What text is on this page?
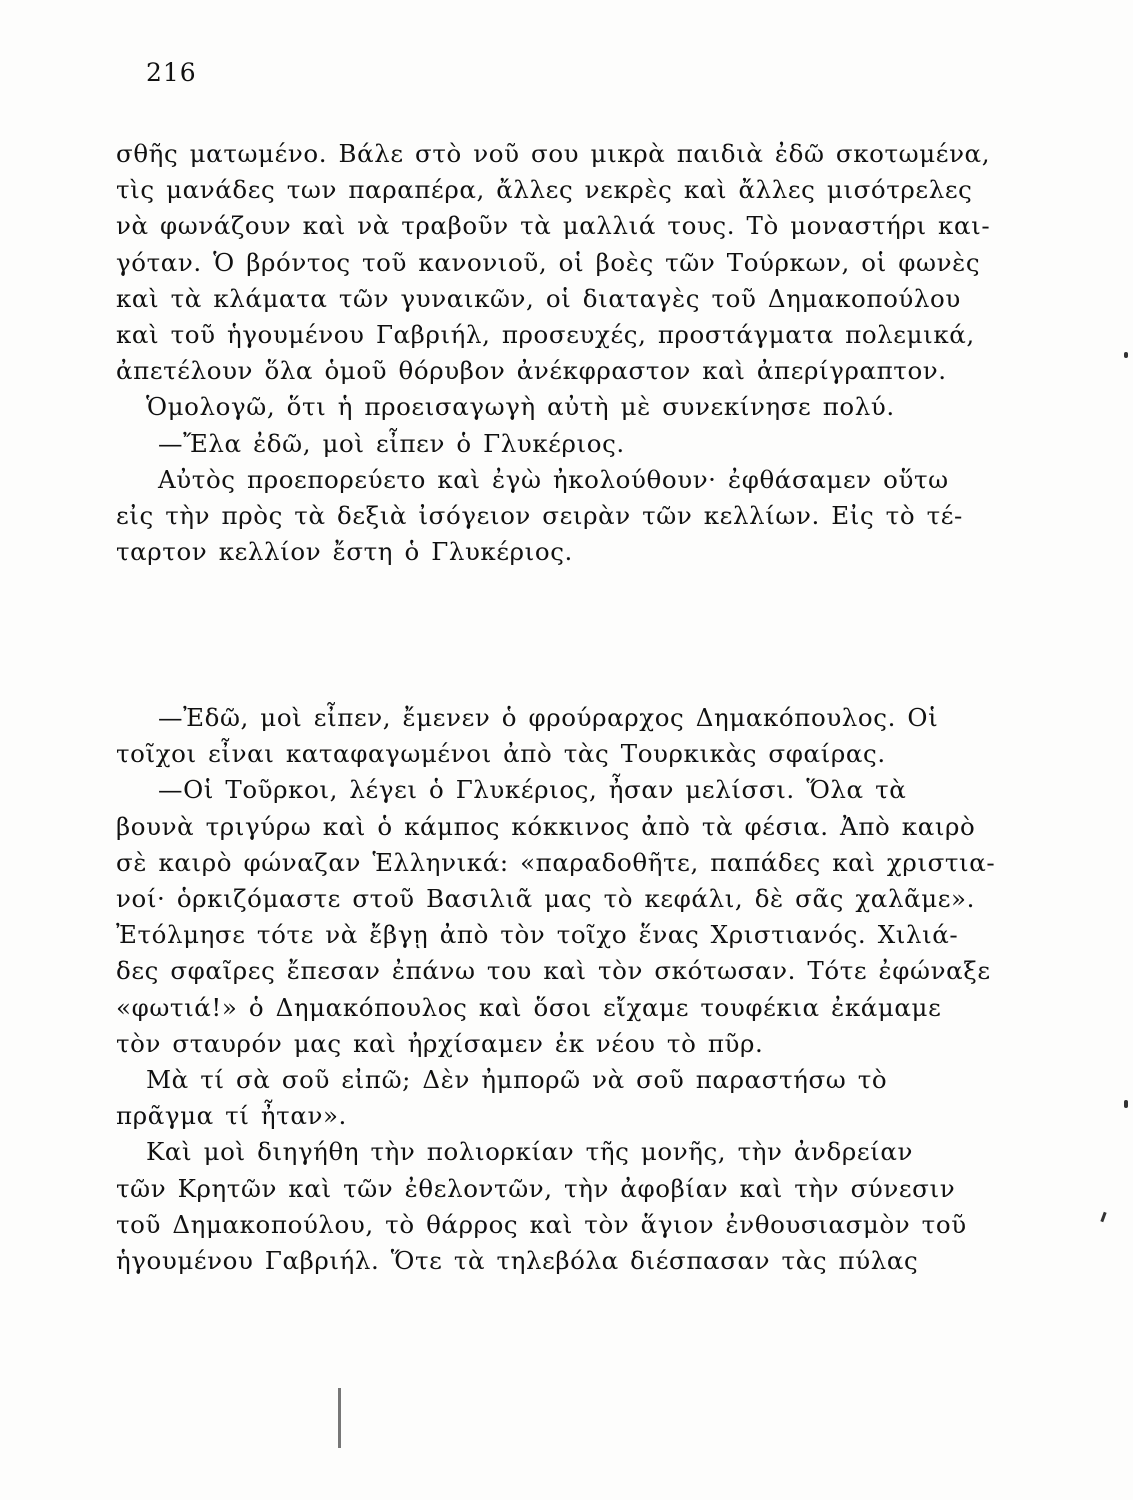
216
σθῆς ματωμένο. Βάλε στὸ νοῦ σου μικρὰ παιδιὰ ἐδῶ σκοτωμένα,
τὶς μανάδες των παραπέρα, ἄλλες νεκρὲς καὶ ἄλλες μισότρελες
νὰ φωνάζουν καὶ νὰ τραβοῦν τὰ μαλλιά τους. Τὸ μοναστήρι και-
γόταν. Ὁ βρόντος τοῦ κανονιοῦ, οἱ βοὲς τῶν Τούρκων, οἱ φωνὲς
καὶ τὰ κλάματα τῶν γυναικῶν, οἱ διαταγὲς τοῦ Δημακοπούλου
καὶ τοῦ ἡγουμένου Γαβριήλ, προσευχές, προστάγματα πολεμικά,
ἀπετέλουν ὅλα ὁμοῦ θόρυβον ἀνέκφραστον καὶ ἀπερίγραπτον.
Ὁμολογῶ, ὅτι ἡ προεισαγωγὴ αὐτὴ μὲ συνεκίνησε πολύ.
—Ἔλα ἐδῶ, μοὶ εἶπεν ὁ Γλυκέριος.
Αὐτὸς προεπορεύετο καὶ ἐγὼ ἠκολούθουν· ἐφθάσαμεν οὕτω
εἰς τὴν πρὸς τὰ δεξιὰ ἰσόγειον σειρὰν τῶν κελλίων. Εἰς τὸ τέ-
ταρτον κελλίον ἔστη ὁ Γλυκέριος.
—Ἐδῶ, μοὶ εἶπεν, ἔμενεν ὁ φρούραρχος Δημακόπουλος. Οἱ
τοῖχοι εἶναι καταφαγωμένοι ἀπὸ τὰς Τουρκικὰς σφαίρας.
—Οἱ Τοῦρκοι, λέγει ὁ Γλυκέριος, ἦσαν μελίσσι. Ὅλα τὰ
βουνὰ τριγύρω καὶ ὁ κάμπος κόκκινος ἀπὸ τὰ φέσια. Ἀπὸ καιρὸ
σὲ καιρὸ φώναζαν Ἑλληνικά: «παραδοθῆτε, παπάδες καὶ χριστια-
νοί· ὁρκιζόμαστε στοῦ Βασιλιᾶ μας τὸ κεφάλι, δὲ σᾶς χαλᾶμε».
Ἐτόλμησε τότε νὰ ἔβγῃ ἀπὸ τὸν τοῖχο ἕνας Χριστιανός. Χιλιά-
δες σφαῖρες ἔπεσαν ἐπάνω του καὶ τὸν σκότωσαν. Τότε ἐφώναξε
«φωτιά!» ὁ Δημακόπουλος καὶ ὅσοι εἴχαμε τουφέκια ἐκάμαμε
τὸν σταυρόν μας καὶ ἠρχίσαμεν ἐκ νέου τὸ πῦρ.
Μὰ τί σὰ σοῦ εἰπῶ; Δὲν ἠμπορῶ νὰ σοῦ παραστήσω τὸ
πρᾶγμα τί ἦταν».
Καὶ μοὶ διηγήθη τὴν πολιορκίαν τῆς μονῆς, τὴν ἀνδρείαν
τῶν Κρητῶν καὶ τῶν ἐθελοντῶν, τὴν ἀφοβίαν καὶ τὴν σύνεσιν
τοῦ Δημακοπούλου, τὸ θάρρος καὶ τὸν ἅγιον ἐνθουσιασμὸν τοῦ
ἡγουμένου Γαβριήλ. Ὅτε τὰ τηλεβόλα διέσπασαν τὰς πύλας
